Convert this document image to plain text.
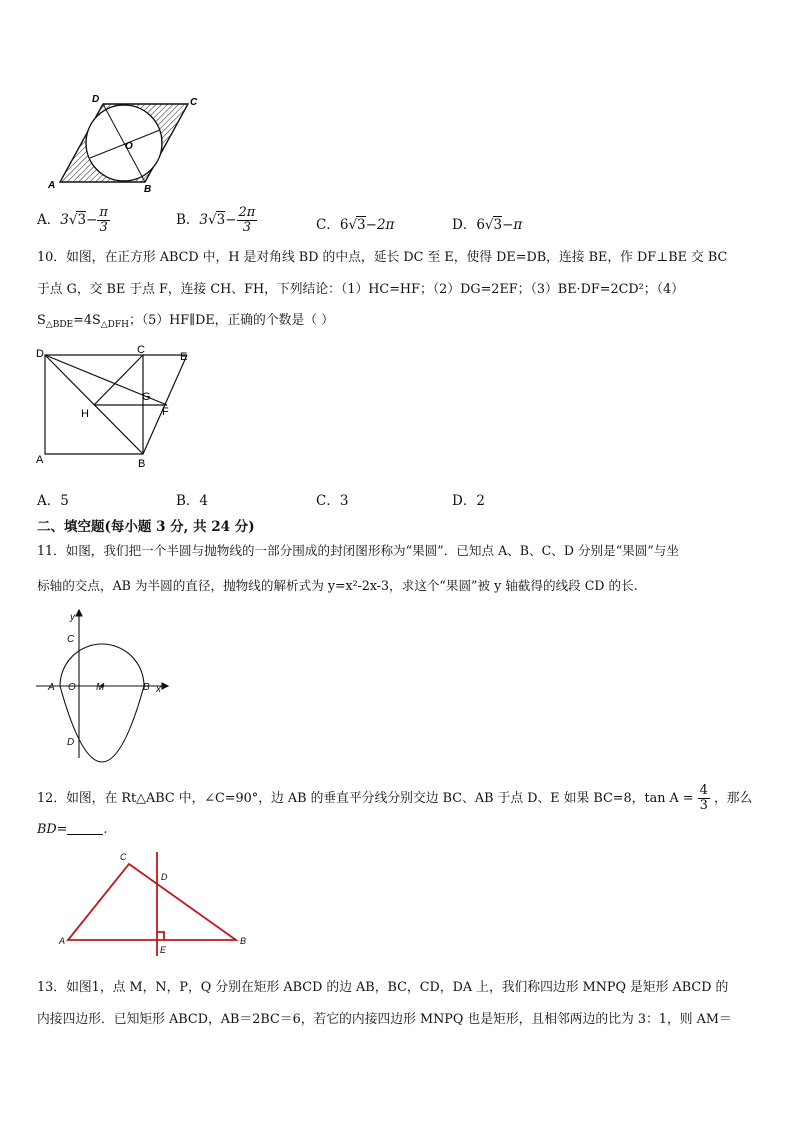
D	C
O
A	B
A．$3√3- \frac{\pi}{3}$	B．$3√3- \frac{2\pi}{3}$	C．6√3−2π	D．6√3−π
10．如图，在正方形 ABCD 中，H 是对角线 BD 的中点，延长 DC 至 E，使得 DE=DB，连接 BE，作 DF⊥BE 交 BC
于点 G，交 BE 于点 F，连接 CH、FH，下列结论：（1）HC=HF；（2）DG=2EF；（3）BE·DF=2CD²；（4）
$S_{\triangle BDE}=4S_{\triangle DFH}$；（5）HF∥DE，正确的个数是（ ）
D	C
E
G
F
H
A	B
A．5	B．4	C．3	D．2
二、填空题(每小题 3 分, 共 24 分)
11．如图，我们把一个半圆与抛物线的一部分围成的封闭图形称为“果圆”．已知点 A、B、C、D 分别是“果圆”与坐
标轴的交点，AB 为半圆的直径，抛物线的解析式为 y=x²-2x-3，求这个“果圆”被 y 轴截得的线段 CD 的长.
y
C
A O M	B x
D
12．如图，在 Rt△ABC 中，∠C=90°，边 AB 的垂直平分线分别交边 BC、AB 于点 D、E 如果 BC=8，$\tan A = \frac{4}{3}$ ，那么
BD=	.
C
D
A
E
B
13．如图1，点 M，N，P，Q 分别在矩形 ABCD 的边 AB，BC，CD，DA 上，我们称四边形 MNPQ 是矩形 ABCD 的
内接四边形．已知矩形 ABCD，AB＝2BC＝6，若它的内接四边形 MNPQ 也是矩形，且相邻两边的比为 3：1，则 AM＝
